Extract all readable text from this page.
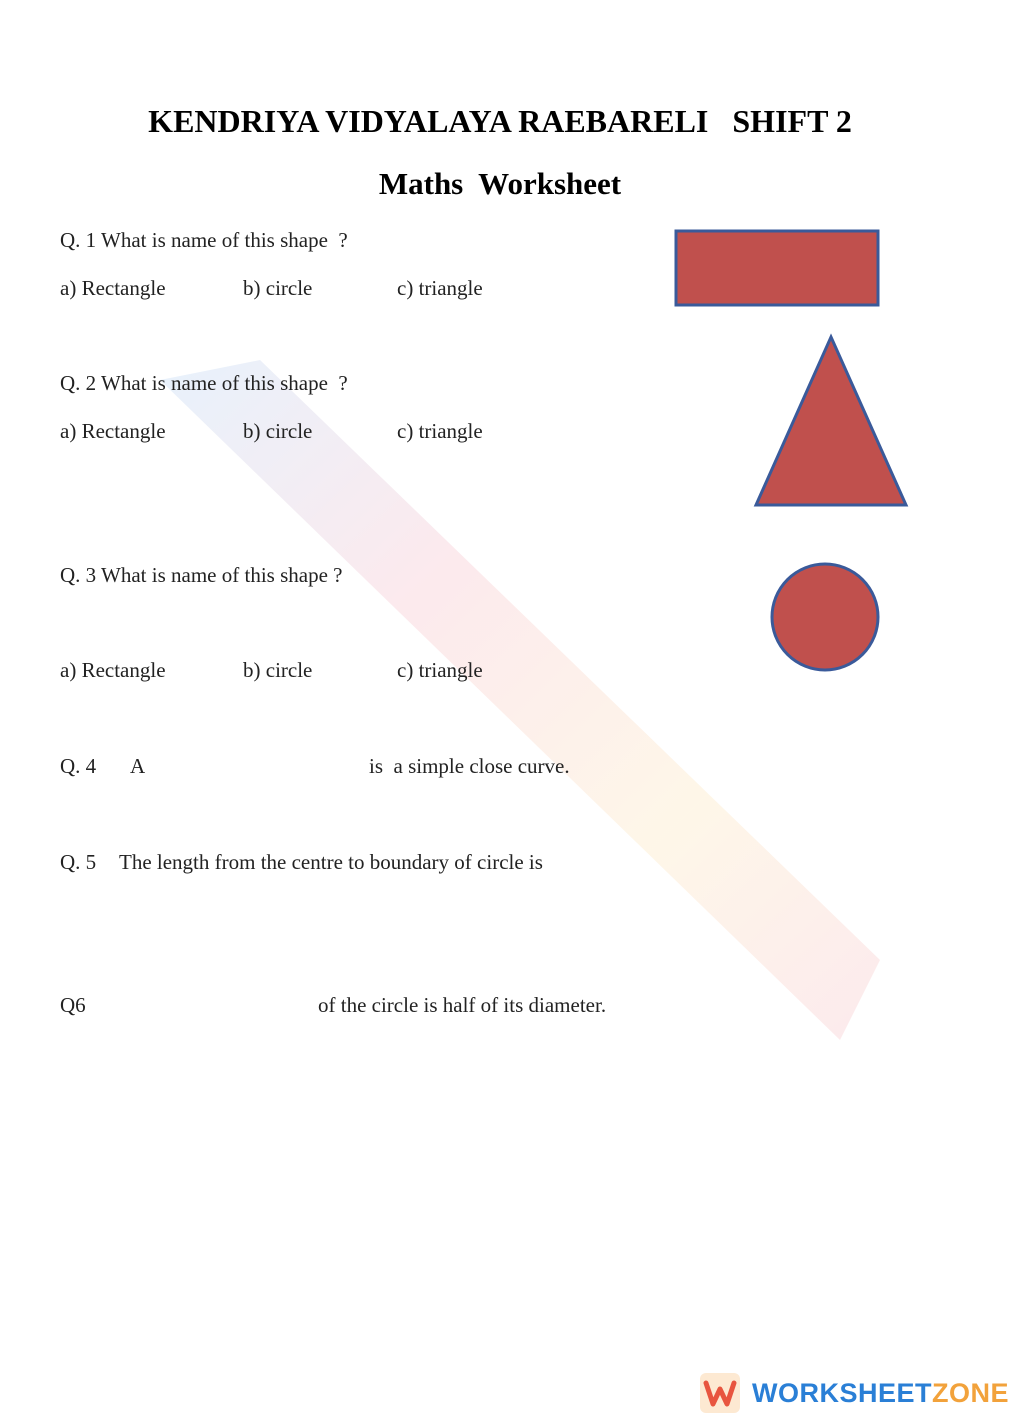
KENDRIYA VIDYALAYA RAEBARELI   SHIFT 2
Maths  Worksheet
Q. 1 What is name of this shape  ?
a) Rectangle	b) circle	c) triangle
Q. 2 What is name of this shape  ?
a) Rectangle	b) circle	c) triangle
Q. 3 What is name of this shape ?
a) Rectangle	b) circle	c) triangle
Q. 4 A	is  a simple close curve.
Q. 5 The length from the centre to boundary of circle is
Q6	of the circle is half of its diameter.
WORKSHEETZONE
